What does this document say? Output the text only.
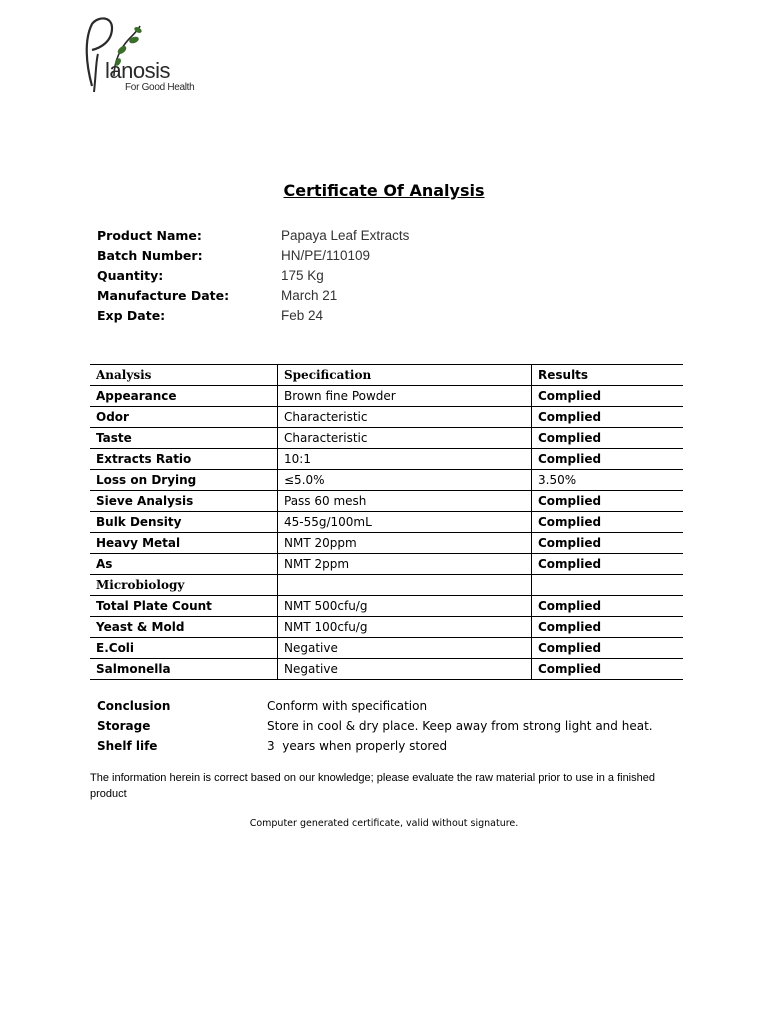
lanosis
For Good Health
Certificate Of Analysis
Product Name:	Papaya Leaf Extracts
Batch Number:	HN/PE/110109
Quantity:	175 Kg
Manufacture Date:	March 21
Exp Date:	Feb 24
Analysis	Specification	Results
Appearance	Brown fine Powder	Complied
Odor	Characteristic	Complied
Taste	Characteristic	Complied
Extracts Ratio	10:1	Complied
Loss on Drying	≤5.0%	3.50%
Sieve Analysis	Pass 60 mesh	Complied
Bulk Density	45-55g/100mL	Complied
Heavy Metal	NMT 20ppm	Complied
As	NMT 2ppm	Complied
Microbiology		
Total Plate Count	NMT 500cfu/g	Complied
Yeast & Mold	NMT 100cfu/g	Complied
E.Coli	Negative	Complied
Salmonella	Negative	Complied
Conclusion	Conform with specification
Storage	Store in cool & dry place. Keep away from strong light and heat.
Shelf life	3  years when properly stored
The information herein is correct based on our knowledge; please evaluate the raw material prior to use in a finished product
Computer generated certificate, valid without signature.
